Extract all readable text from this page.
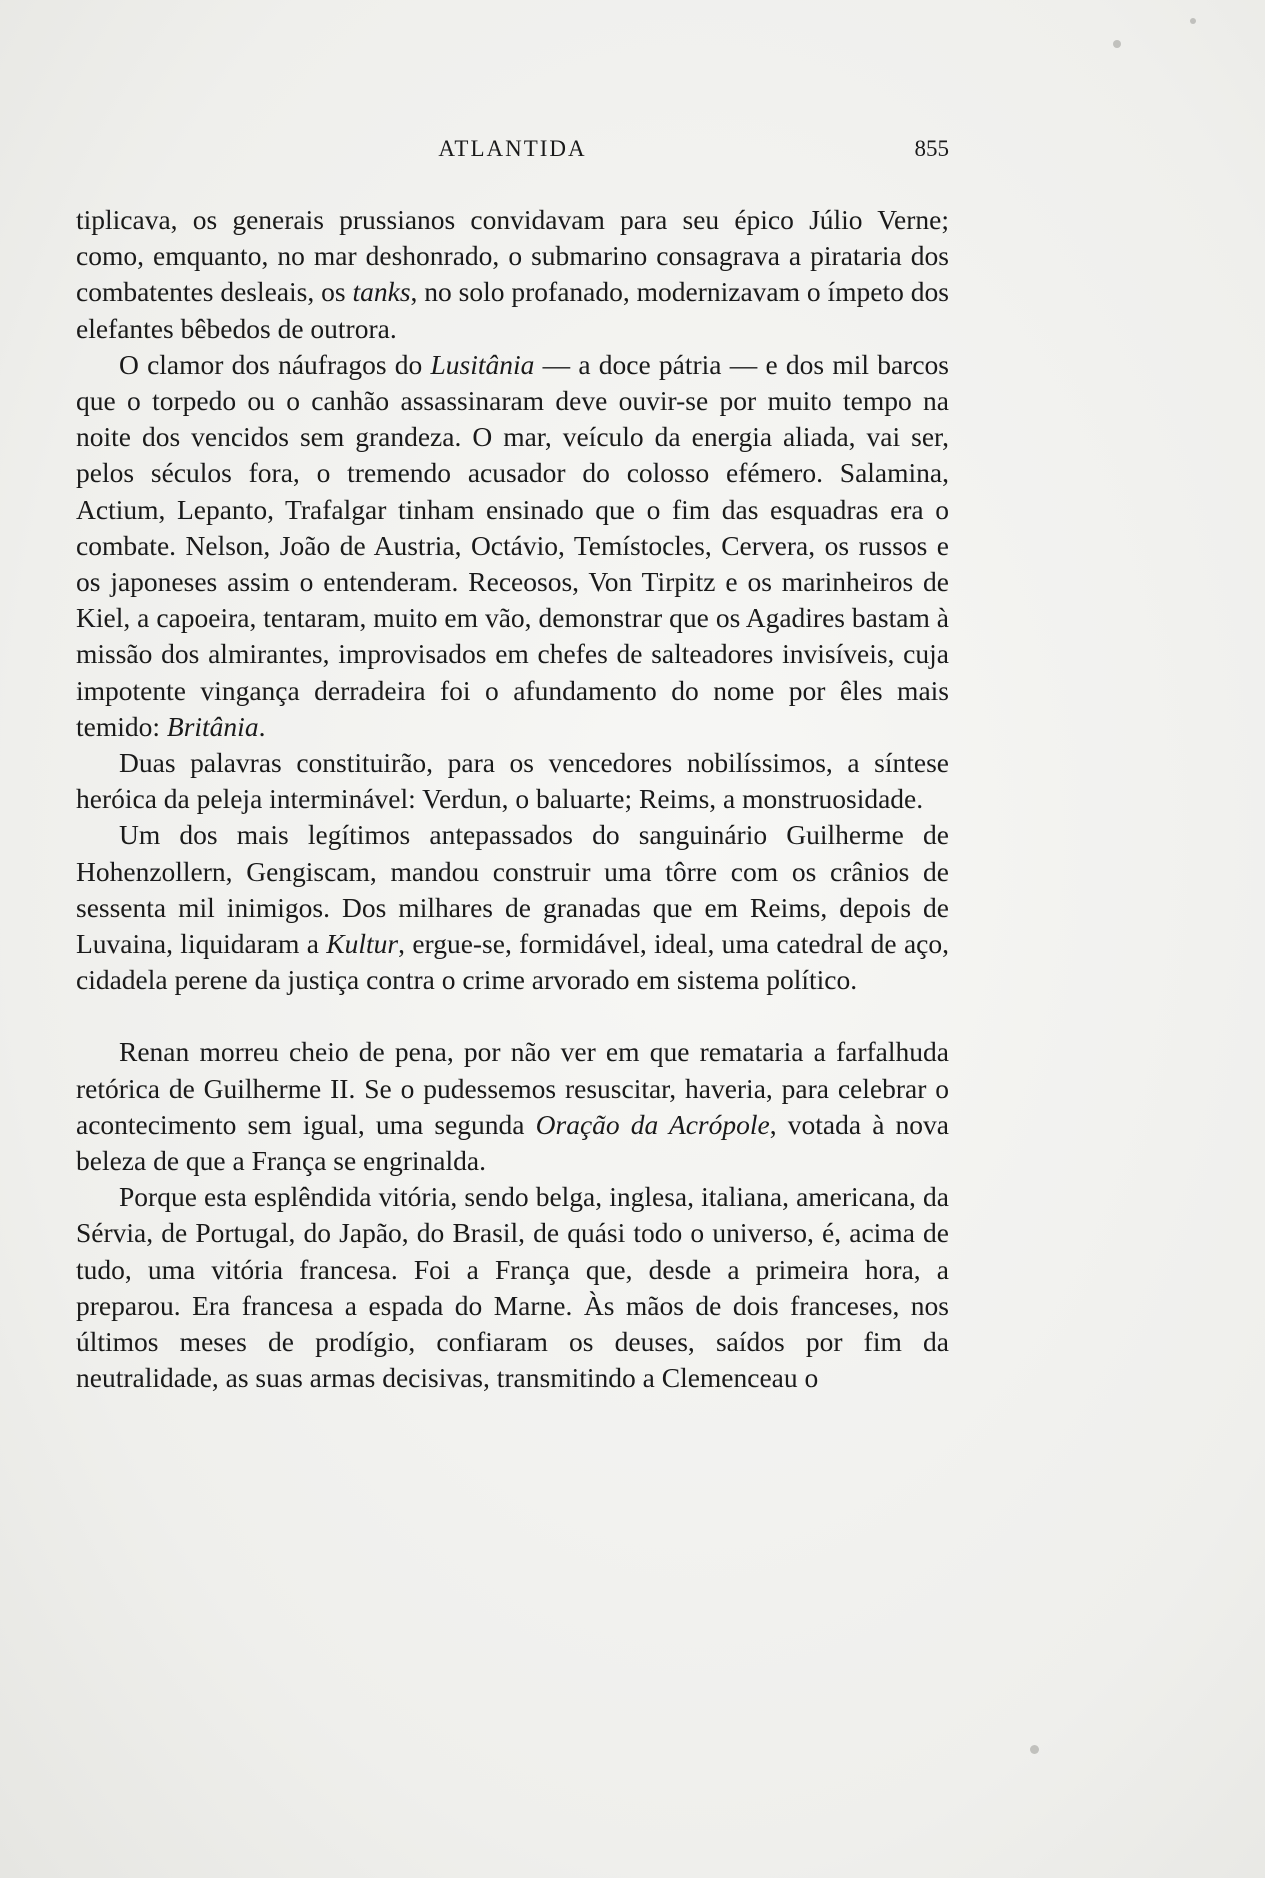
ATLANTIDA	855

tiplicava, os generais prussianos convidavam para seu épico Júlio Verne; como, emquanto, no mar deshonrado, o submarino consagrava a pirataria dos combatentes desleais, os tanks, no solo profanado, modernizavam o ímpeto dos elefantes bêbedos de outrora.

O clamor dos náufragos do Lusitânia — a doce pátria — e dos mil barcos que o torpedo ou o canhão assassinaram deve ouvir-se por muito tempo na noite dos vencidos sem grandeza. O mar, veículo da energia aliada, vai ser, pelos séculos fora, o tremendo acusador do colosso efémero. Salamina, Actium, Lepanto, Trafalgar tinham ensinado que o fim das esquadras era o combate. Nelson, João de Austria, Octávio, Temístocles, Cervera, os russos e os japoneses assim o entenderam. Receosos, Von Tirpitz e os marinheiros de Kiel, a capoeira, tentaram, muito em vão, demonstrar que os Agadires bastam à missão dos almirantes, improvisados em chefes de salteadores invisíveis, cuja impotente vingança derradeira foi o afundamento do nome por êles mais temido: Britânia.

Duas palavras constituirão, para os vencedores nobilíssimos, a síntese heróica da peleja interminável: Verdun, o baluarte; Reims, a monstruosidade.

Um dos mais legítimos antepassados do sanguinário Guilherme de Hohenzollern, Gengiscam, mandou construir uma tôrre com os crânios de sessenta mil inimigos. Dos milhares de granadas que em Reims, depois de Luvaina, liquidaram a Kultur, ergue-se, formidável, ideal, uma catedral de aço, cidadela perene da justiça contra o crime arvorado em sistema político.

Renan morreu cheio de pena, por não ver em que remataria a farfalhuda retórica de Guilherme II. Se o pudessemos resuscitar, haveria, para celebrar o acontecimento sem igual, uma segunda Oração da Acrópole, votada à nova beleza de que a França se engrinalda.

Porque esta esplêndida vitória, sendo belga, inglesa, italiana, americana, da Sérvia, de Portugal, do Japão, do Brasil, de quási todo o universo, é, acima de tudo, uma vitória francesa. Foi a França que, desde a primeira hora, a preparou. Era francesa a espada do Marne. Às mãos de dois franceses, nos últimos meses de prodígio, confiaram os deuses, saídos por fim da neutralidade, as suas armas decisivas, transmitindo a Clemenceau o
